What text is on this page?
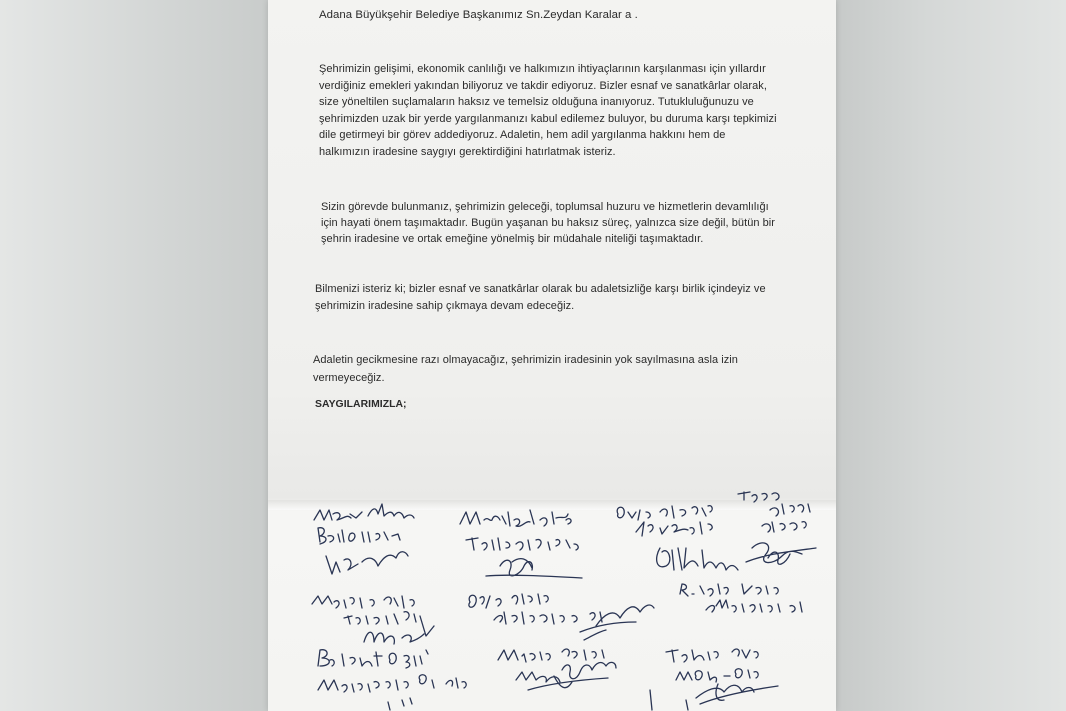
Adana Büyükşehir Belediye Başkanımız Sn.Zeydan Karalar a .

Şehrimizin gelişimi, ekonomik canlılığı ve halkımızın ihtiyaçlarının karşılanması için yıllardır

verdiğiniz emekleri yakından biliyoruz ve takdir ediyoruz. Bizler esnaf ve sanatkârlar olarak,

size yöneltilen suçlamaların haksız ve temelsiz olduğuna inanıyoruz. Tutukluluğunuzu ve

şehrimizden uzak bir yerde yargılanmanızı kabul edilemez buluyor, bu duruma karşı tepkimizi

dile getirmeyi bir görev addediyoruz. Adaletin, hem adil yargılanma hakkını hem de

halkımızın iradesine saygıyı gerektirdiğini hatırlatmak isteriz.

Sizin görevde bulunmanız, şehrimizin geleceği, toplumsal huzuru ve hizmetlerin devamlılığı

için hayati önem taşımaktadır. Bugün yaşanan bu haksız süreç, yalnızca size değil, bütün bir

şehrin iradesine ve ortak emeğine yönelmiş bir müdahale niteliği taşımaktadır.

Bilmenizi isteriz ki; bizler esnaf ve sanatkârlar olarak bu adaletsizliğe karşı birlik içindeyiz ve

şehrimizin iradesine sahip çıkmaya devam edeceğiz.

Adaletin gecikmesine razı olmayacağız, şehrimizin iradesinin yok sayılmasına asla izin

vermeyeceğiz.

SAYGILARIMIZLA;
